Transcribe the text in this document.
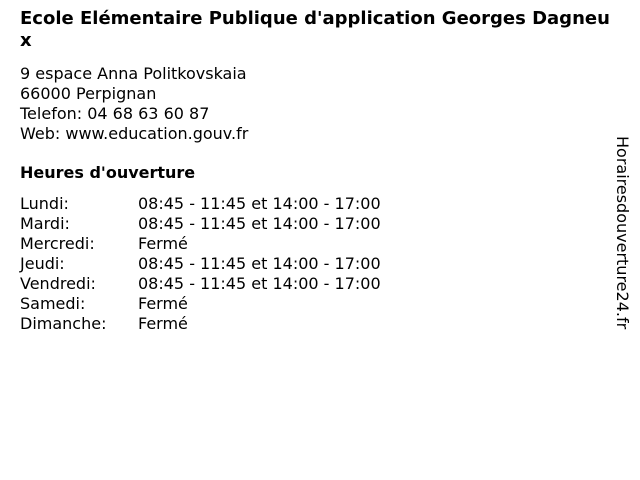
Ecole Elémentaire Publique d'application Georges Dagneux
9 espace Anna Politkovskaia
66000 Perpignan
Telefon: 04 68 63 60 87
Web: www.education.gouv.fr
Heures d'ouverture
Lundi:	08:45 - 11:45 et 14:00 - 17:00
Mardi:	08:45 - 11:45 et 14:00 - 17:00
Mercredi:	Fermé
Jeudi:	08:45 - 11:45 et 14:00 - 17:00
Vendredi:	08:45 - 11:45 et 14:00 - 17:00
Samedi:	Fermé
Dimanche:	Fermé	Horairesdouverture24.fr
